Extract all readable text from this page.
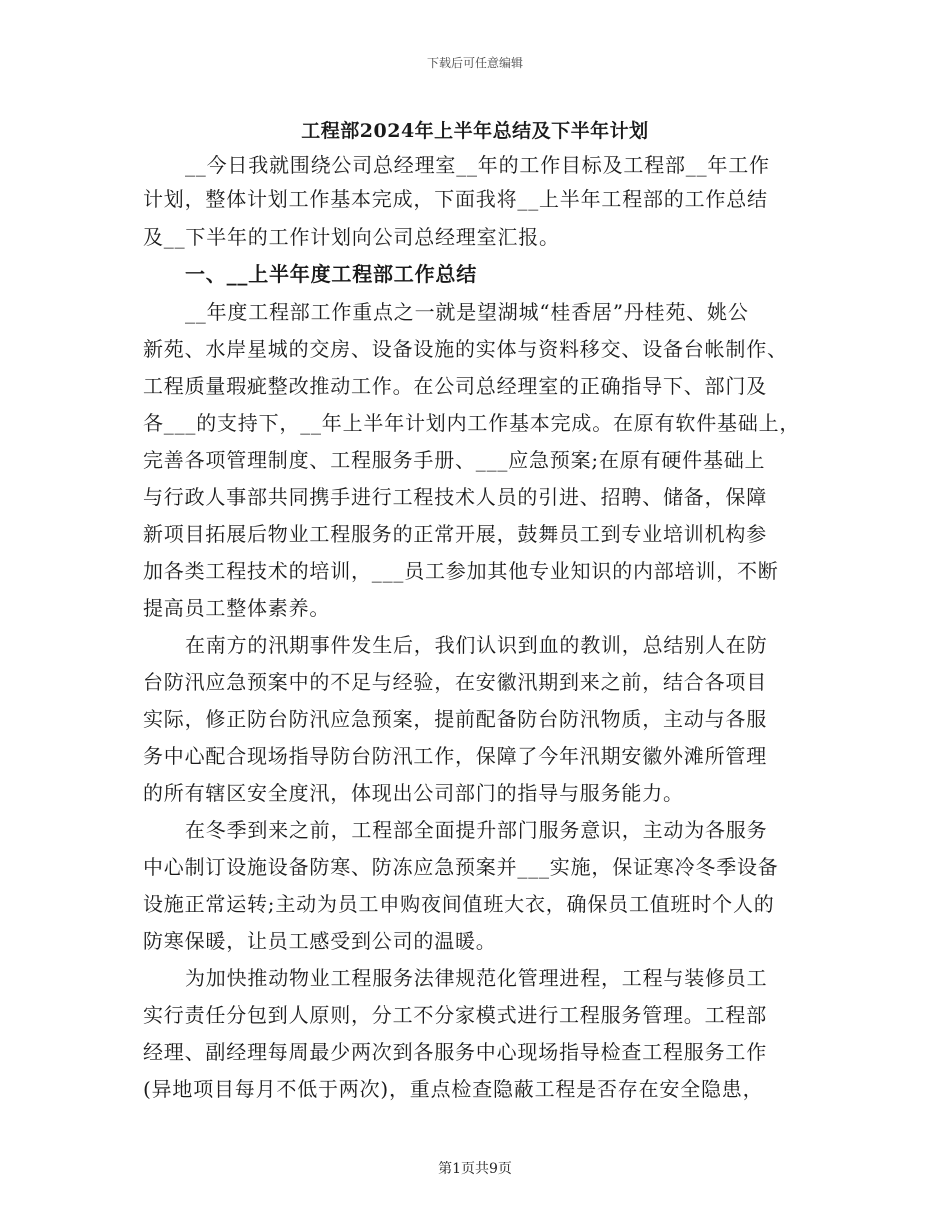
下载后可任意编辑
工程部2024年上半年总结及下半年计划
__今日我就围绕公司总经理室__年的工作目标及工程部__年工作
计划，整体计划工作基本完成，下面我将__上半年工程部的工作总结
及__下半年的工作计划向公司总经理室汇报。
一、__上半年度工程部工作总结
__年度工程部工作重点之一就是望湖城“桂香居”丹桂苑、姚公
新苑、水岸星城的交房、设备设施的实体与资料移交、设备台帐制作、
工程质量瑕疵整改推动工作。在公司总经理室的正确指导下、部门及
各___的支持下，__年上半年计划内工作基本完成。在原有软件基础上，
完善各项管理制度、工程服务手册、___应急预案;在原有硬件基础上
与行政人事部共同携手进行工程技术人员的引进、招聘、储备，保障
新项目拓展后物业工程服务的正常开展，鼓舞员工到专业培训机构参
加各类工程技术的培训，___员工参加其他专业知识的内部培训，不断
提高员工整体素养。
在南方的汛期事件发生后，我们认识到血的教训，总结别人在防
台防汛应急预案中的不足与经验，在安徽汛期到来之前，结合各项目
实际，修正防台防汛应急预案，提前配备防台防汛物质，主动与各服
务中心配合现场指导防台防汛工作，保障了今年汛期安徽外滩所管理
的所有辖区安全度汛，体现出公司部门的指导与服务能力。
在冬季到来之前，工程部全面提升部门服务意识，主动为各服务
中心制订设施设备防寒、防冻应急预案并___实施，保证寒冷冬季设备
设施正常运转;主动为员工申购夜间值班大衣，确保员工值班时个人的
防寒保暖，让员工感受到公司的温暖。
为加快推动物业工程服务法律规范化管理进程，工程与装修员工
实行责任分包到人原则，分工不分家模式进行工程服务管理。工程部
经理、副经理每周最少两次到各服务中心现场指导检查工程服务工作
(异地项目每月不低于两次)，重点检查隐蔽工程是否存在安全隐患，
第1页共9页
